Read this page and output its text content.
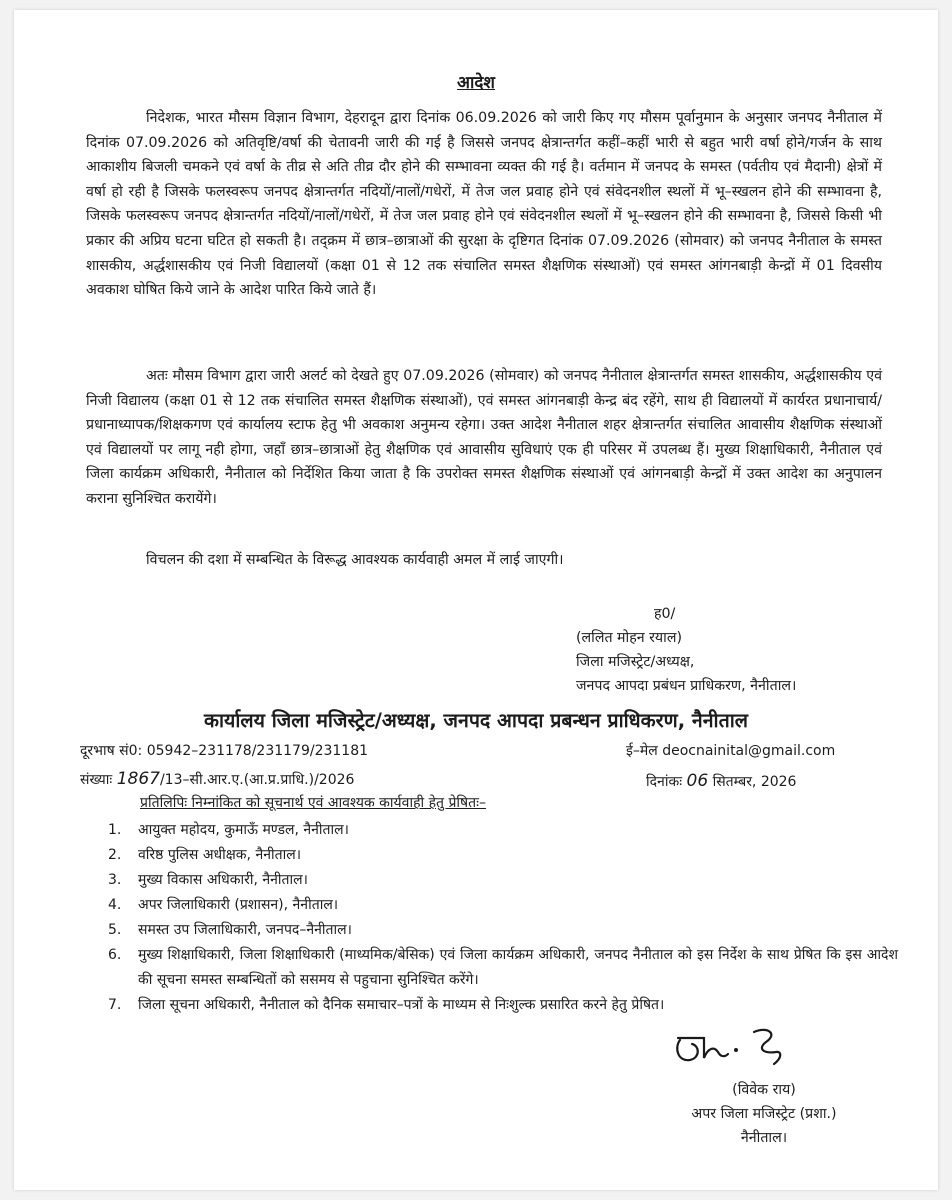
आदेश

निदेशक, भारत मौसम विज्ञान विभाग, देहरादून द्वारा दिनांक 06.09.2026 को जारी किए गए मौसम पूर्वानुमान के अनुसार जनपद नैनीताल में दिनांक 07.09.2026 को अतिवृष्टि/वर्षा की चेतावनी जारी की गई है जिससे जनपद क्षेत्रान्तर्गत कहीं–कहीं भारी से बहुत भारी वर्षा होने/गर्जन के साथ आकाशीय बिजली चमकने एवं वर्षा के तीव्र से अति तीव्र दौर होने की सम्भावना व्यक्त की गई है। वर्तमान में जनपद के समस्त (पर्वतीय एवं मैदानी) क्षेत्रों में वर्षा हो रही है जिसके फलस्वरूप जनपद क्षेत्रान्तर्गत नदियों/नालों/गधेरों, में तेज जल प्रवाह होने एवं संवेदनशील स्थलों में भू–स्खलन होने की सम्भावना है, जिसके फलस्वरूप जनपद क्षेत्रान्तर्गत नदियों/नालों/गधेरों, में तेज जल प्रवाह होने एवं संवेदनशील स्थलों में भू–स्खलन होने की सम्भावना है, जिससे किसी भी प्रकार की अप्रिय घटना घटित हो सकती है। तद्क्रम में छात्र–छात्राओं की सुरक्षा के दृष्टिगत दिनांक 07.09.2026 (सोमवार) को जनपद नैनीताल के समस्त शासकीय, अर्द्धशासकीय एवं निजी विद्यालयों (कक्षा 01 से 12 तक संचालित समस्त शैक्षणिक संस्थाओं) एवं समस्त आंगनबाड़ी केन्द्रों में 01 दिवसीय अवकाश घोषित किये जाने के आदेश पारित किये जाते हैं।

अतः मौसम विभाग द्वारा जारी अलर्ट को देखते हुए 07.09.2026 (सोमवार) को जनपद नैनीताल क्षेत्रान्तर्गत समस्त शासकीय, अर्द्धशासकीय एवं निजी विद्यालय (कक्षा 01 से 12 तक संचालित समस्त शैक्षणिक संस्थाओं), एवं समस्त आंगनबाड़ी केन्द्र बंद रहेंगे, साथ ही विद्यालयों में कार्यरत प्रधानाचार्य/प्रधानाध्यापक/शिक्षकगण एवं कार्यालय स्टाफ हेतु भी अवकाश अनुमन्य रहेगा। उक्त आदेश नैनीताल शहर क्षेत्रान्तर्गत संचालित आवासीय शैक्षणिक संस्थाओं एवं विद्यालयों पर लागू नही होगा, जहाँ छात्र–छात्राओं हेतु शैक्षणिक एवं आवासीय सुविधाएं एक ही परिसर में उपलब्ध हैं। मुख्य शिक्षाधिकारी, नैनीताल एवं जिला कार्यक्रम अधिकारी, नैनीताल को निर्देशित किया जाता है कि उपरोक्त समस्त शैक्षणिक संस्थाओं एवं आंगनबाड़ी केन्द्रों में उक्त आदेश का अनुपालन कराना सुनिश्चित करायेंगे।

विचलन की दशा में सम्बन्धित के विरूद्ध आवश्यक कार्यवाही अमल में लाई जाएगी।

ह0/
(ललित मोहन रयाल)
जिला मजिस्ट्रेट/अध्यक्ष,
जनपद आपदा प्रबंधन प्राधिकरण, नैनीताल।
कार्यालय जिला मजिस्ट्रेट/अध्यक्ष, जनपद आपदा प्रबन्धन प्राधिकरण, नैनीताल
दूरभाष सं0: 05942–231178/231179/231181	ई–मेल deocnainital@gmail.com
संख्याः 1867/13–सी.आर.ए.(आ.प्र.प्राधि.)/2026	दिनांकः 06 सितम्बर, 2026
प्रतिलिपिः निम्नांकित को सूचनार्थ एवं आवश्यक कार्यवाही हेतु प्रेषितः–
1. आयुक्त महोदय, कुमाऊँ मण्डल, नैनीताल।
2. वरिष्ठ पुलिस अधीक्षक, नैनीताल।
3. मुख्य विकास अधिकारी, नैनीताल।
4. अपर जिलाधिकारी (प्रशासन), नैनीताल।
5. समस्त उप जिलाधिकारी, जनपद–नैनीताल।
6. मुख्य शिक्षाधिकारी, जिला शिक्षाधिकारी (माध्यमिक/बेसिक) एवं जिला कार्यक्रम अधिकारी, जनपद नैनीताल को इस निर्देश के साथ प्रेषित कि इस आदेश की सूचना समस्त सम्बन्धितों को ससमय से पहुचाना सुनिश्चित करेंगे।
7. जिला सूचना अधिकारी, नैनीताल को दैनिक समाचार–पत्रों के माध्यम से निःशुल्क प्रसारित करने हेतु प्रेषित।
(विवेक राय)
अपर जिला मजिस्ट्रेट (प्रशा.)
नैनीताल।
